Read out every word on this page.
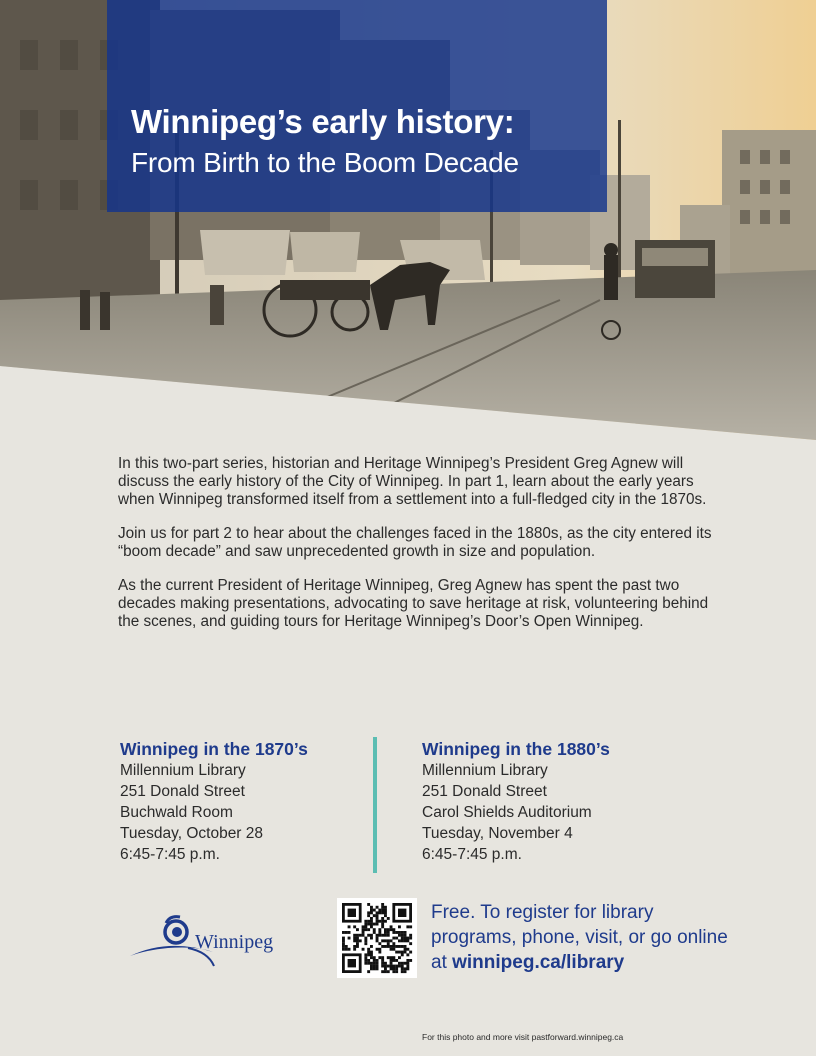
Winnipeg’s early history:
From Birth to the Boom Decade

In this two-part series, historian and Heritage Winnipeg’s President Greg Agnew will discuss the early history of the City of Winnipeg. In part 1, learn about the early years when Winnipeg transformed itself from a settlement into a full-fledged city in the 1870s.

Join us for part 2 to hear about the challenges faced in the 1880s, as the city entered its “boom decade” and saw unprecedented growth in size and population.

As the current President of Heritage Winnipeg, Greg Agnew has spent the past two decades making presentations, advocating to save heritage at risk, volunteering behind the scenes, and guiding tours for Heritage Winnipeg’s Door’s Open Winnipeg.

Winnipeg in the 1870’s
Millennium Library
251 Donald Street
Buchwald Room
Tuesday, October 28
6:45-7:45 p.m.
Winnipeg in the 1880’s
Millennium Library
251 Donald Street
Carol Shields Auditorium
Tuesday, November 4
6:45-7:45 p.m.
Winnipeg
Free. To register for library programs, phone, visit, or go online at winnipeg.ca/library
For this photo and more visit pastforward.winnipeg.ca
